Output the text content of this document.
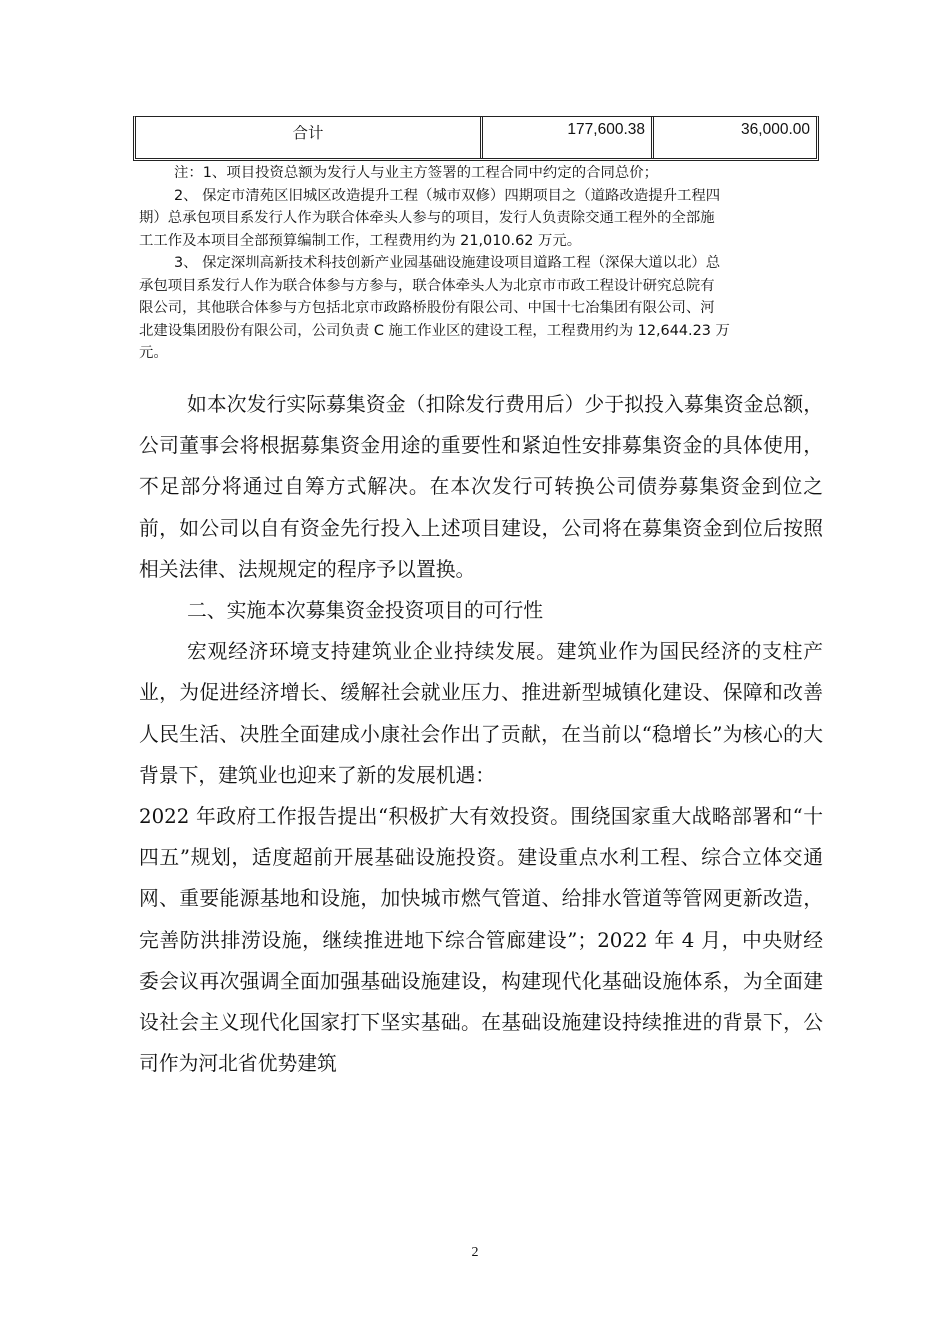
合计	177,600.38	36,000.00

注：1、项目投资总额为发行人与业主方签署的工程合同中约定的合同总价；

2、 保定市清苑区旧城区改造提升工程（城市双修）四期项目之（道路改造提升工程四

期）总承包项目系发行人作为联合体牵头人参与的项目，发行人负责除交通工程外的全部施

工工作及本项目全部预算编制工作，工程费用约为 21,010.62 万元。

3、 保定深圳高新技术科技创新产业园基础设施建设项目道路工程（深保大道以北）总

承包项目系发行人作为联合体参与方参与，联合体牵头人为北京市市政工程设计研究总院有

限公司，其他联合体参与方包括北京市政路桥股份有限公司、中国十七冶集团有限公司、河

北建设集团股份有限公司，公司负责 C 施工作业区的建设工程，工程费用约为 12,644.23 万

元。

如本次发行实际募集资金（扣除发行费用后）少于拟投入募集资金总额，公司董事会将根据募集资金用途的重要性和紧迫性安排募集资金的具体使用，不足部分将通过自筹方式解决。在本次发行可转换公司债券募集资金到位之前，如公司以自有资金先行投入上述项目建设，公司将在募集资金到位后按照相关法律、法规规定的程序予以置换。

二、实施本次募集资金投资项目的可行性

宏观经济环境支持建筑业企业持续发展。建筑业作为国民经济的支柱产业，为促进经济增长、缓解社会就业压力、推进新型城镇化建设、保障和改善人民生活、决胜全面建成小康社会作出了贡献，在当前以“稳增长”为核心的大背景下，建筑业也迎来了新的发展机遇：

2022 年政府工作报告提出“积极扩大有效投资。围绕国家重大战略部署和“十四五”规划，适度超前开展基础设施投资。建设重点水利工程、综合立体交通网、重要能源基地和设施，加快城市燃气管道、给排水管道等管网更新改造，完善防洪排涝设施，继续推进地下综合管廊建设”；2022 年 4 月，中央财经委会议再次强调全面加强基础设施建设，构建现代化基础设施体系，为全面建设社会主义现代化国家打下坚实基础。在基础设施建设持续推进的背景下，公司作为河北省优势建筑

2
